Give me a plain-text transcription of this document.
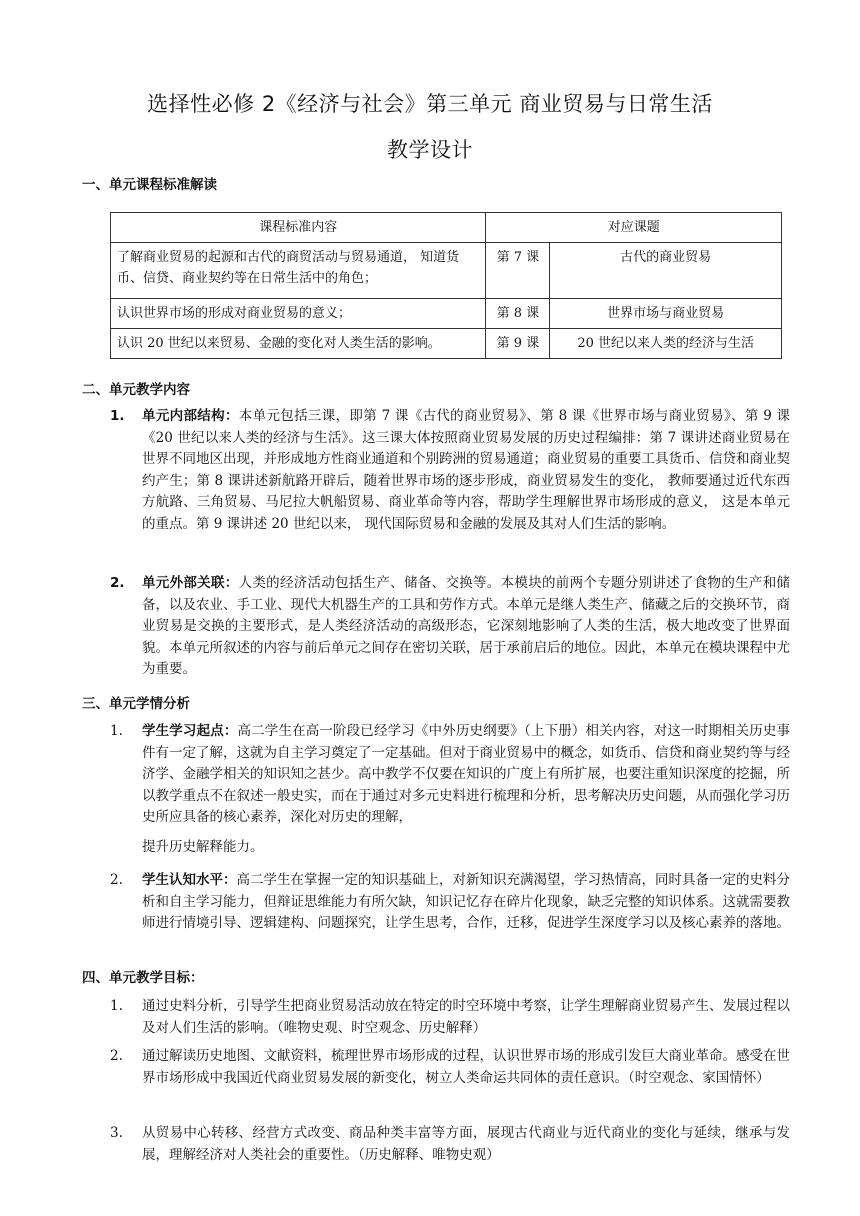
选择性必修 2《经济与社会》第三单元 商业贸易与日常生活
教学设计
一、单元课程标准解读
课程标准内容	对应课题	
了解商业贸易的起源和古代的商贸活动与贸易通道， 知道货币、信贷、商业契约等在日常生活中的角色；	第 7 课	古代的商业贸易
认识世界市场的形成对商业贸易的意义；	第 8 课	世界市场与商业贸易
认识 20 世纪以来贸易、金融的变化对人类生活的影响。	第 9 课	20 世纪以来人类的经济与生活
二、单元教学内容
1.	单元内部结构：本单元包括三课，即第 7 课《古代的商业贸易》、第 8 课《世界市场与商业贸易》、第 9 课《20 世纪以来人类的经济与生活》。这三课大体按照商业贸易发展的历史过程编排：第 7 课讲述商业贸易在世界不同地区出现，并形成地方性商业通道和个别跨洲的贸易通道；商业贸易的重要工具货币、信贷和商业契约产生；第 8 课讲述新航路开辟后，随着世界市场的逐步形成，商业贸易发生的变化， 教师要通过近代东西方航路、三角贸易、马尼拉大帆船贸易、商业革命等内容，帮助学生理解世界市场形成的意义， 这是本单元的重点。第 9 课讲述 20 世纪以来， 现代国际贸易和金融的发展及其对人们生活的影响。
2.	单元外部关联：人类的经济活动包括生产、储备、交换等。本模块的前两个专题分别讲述了食物的生产和储备，以及农业、手工业、现代大机器生产的工具和劳作方式。本单元是继人类生产、储藏之后的交换环节，商业贸易是交换的主要形式，是人类经济活动的高级形态，它深刻地影响了人类的生活，极大地改变了世界面貌。本单元所叙述的内容与前后单元之间存在密切关联，居于承前启后的地位。因此，本单元在模块课程中尤为重要。
三、单元学情分析
1.	学生学习起点：高二学生在高一阶段已经学习《中外历史纲要》（上下册）相关内容，对这一时期相关历史事件有一定了解，这就为自主学习奠定了一定基础。但对于商业贸易中的概念，如货币、信贷和商业契约等与经济学、金融学相关的知识知之甚少。高中教学不仅要在知识的广度上有所扩展，也要注重知识深度的挖掘，所以教学重点不在叙述一般史实，而在于通过对多元史料进行梳理和分析，思考解决历史问题，从而强化学习历史所应具备的核心素养，深化对历史的理解，
提升历史解释能力。
2.	学生认知水平：高二学生在掌握一定的知识基础上，对新知识充满渴望，学习热情高，同时具备一定的史料分析和自主学习能力，但辩证思维能力有所欠缺，知识记忆存在碎片化现象，缺乏完整的知识体系。这就需要教师进行情境引导、逻辑建构、问题探究，让学生思考，合作，迁移，促进学生深度学习以及核心素养的落地。
四、单元教学目标：
1.	通过史料分析，引导学生把商业贸易活动放在特定的时空环境中考察，让学生理解商业贸易产生、发展过程以及对人们生活的影响。（唯物史观、时空观念、历史解释）
2.	通过解读历史地图、文献资料，梳理世界市场形成的过程，认识世界市场的形成引发巨大商业革命。感受在世界市场形成中我国近代商业贸易发展的新变化，树立人类命运共同体的责任意识。（时空观念、家国情怀）
3.	从贸易中心转移、经营方式改变、商品种类丰富等方面，展现古代商业与近代商业的变化与延续，继承与发展，理解经济对人类社会的重要性。（历史解释、唯物史观）
